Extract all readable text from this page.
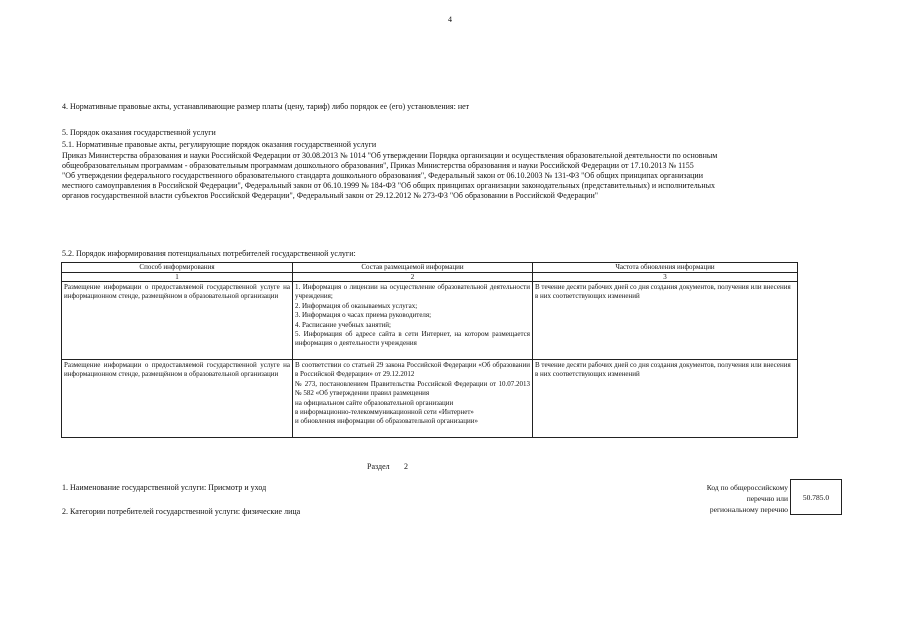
4
4. Нормативные правовые акты, устанавливающие размер платы (цену, тариф) либо порядок ее (его) установления: нет
5. Порядок оказания государственной услуги
5.1. Нормативные правовые акты, регулирующие порядок оказания государственной услуги
Приказ Министерства образования и науки Российской Федерации от 30.08.2013 № 1014 "Об утверждении Порядка организации и осуществления образовательной деятельности по основным
общеобразовательным программам - образовательным программам дошкольного образования", Приказ Министерства образования и науки Российской Федерации от 17.10.2013 № 1155
"Об утверждении федерального государственного образовательного стандарта дошкольного образования", Федеральный закон от 06.10.2003 № 131-ФЗ "Об общих принципах организации
местного самоуправления в Российской Федерации", Федеральный закон от 06.10.1999 № 184-ФЗ "Об общих принципах организации законодательных (представительных) и исполнительных
органов государственной власти субъектов Российской Федерации", Федеральный закон от 29.12.2012 № 273-ФЗ "Об образовании в Российской Федерации"
5.2. Порядок информирования потенциальных потребителей государственной услуги:
Способ информирования	Состав размещаемой информации	Частота обновления информации
1	2	3
Размещение информации о предоставляемой государственной услуге на информационном стенде, размещённом в образовательной организации	1. Информация о лицензии на осуществление образовательной деятельности учреждения;
2. Информация об оказываемых услугах;
3. Информация о часах приема руководителя;
4. Расписание учебных занятий;
5. Информация об адресе сайта в сети Интернет, на котором размещается информация о деятельности учреждения	В течение десяти рабочих дней со дня создания документов, получения или внесения в них соответствующих изменений
Размещение информации о предоставляемой государственной услуге на информационном стенде, размещённом в образовательной организации	В соответствии со статьей 29 закона Российской Федерации «Об образовании в Российской Федерации» от 29.12.2012
№ 273, постановлением Правительства Российской Федерации от 10.07.2013 № 582 «Об утверждении правил размещения
на официальном сайте образовательной организации
в информационно-телекоммуникационной сети «Интернет»
и обновления информации об образовательной организации»	В течение десяти рабочих дней со дня создания документов, получения или внесения в них соответствующих изменений
Раздел 2
1. Наименование государственной услуги: Присмотр и уход
2. Категории потребителей государственной услуги: физические лица
Код по общероссийскому
перечню или
региональному перечню
50.785.0
